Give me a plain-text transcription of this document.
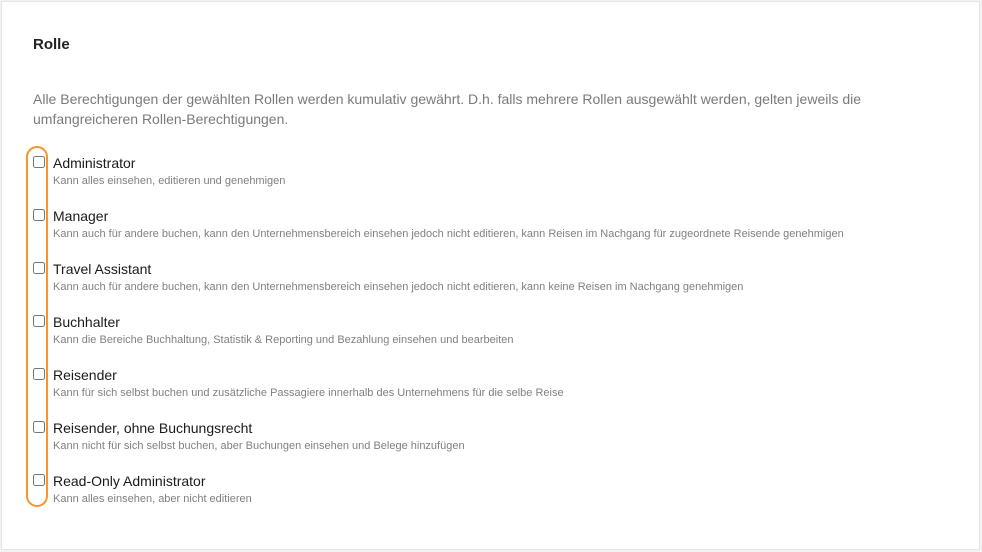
Rolle

Alle Berechtigungen der gewählten Rollen werden kumulativ gewährt. D.h. falls mehrere Rollen ausgewählt werden, gelten jeweils die umfangreicheren Rollen-Berechtigungen.

Administrator
Kann alles einsehen, editieren und genehmigen
Manager
Kann auch für andere buchen, kann den Unternehmensbereich einsehen jedoch nicht editieren, kann Reisen im Nachgang für zugeordnete Reisende genehmigen
Travel Assistant
Kann auch für andere buchen, kann den Unternehmensbereich einsehen jedoch nicht editieren, kann keine Reisen im Nachgang genehmigen
Buchhalter
Kann die Bereiche Buchhaltung, Statistik & Reporting und Bezahlung einsehen und bearbeiten
Reisender
Kann für sich selbst buchen und zusätzliche Passagiere innerhalb des Unternehmens für die selbe Reise
Reisender, ohne Buchungsrecht
Kann nicht für sich selbst buchen, aber Buchungen einsehen und Belege hinzufügen
Read-Only Administrator
Kann alles einsehen, aber nicht editieren
